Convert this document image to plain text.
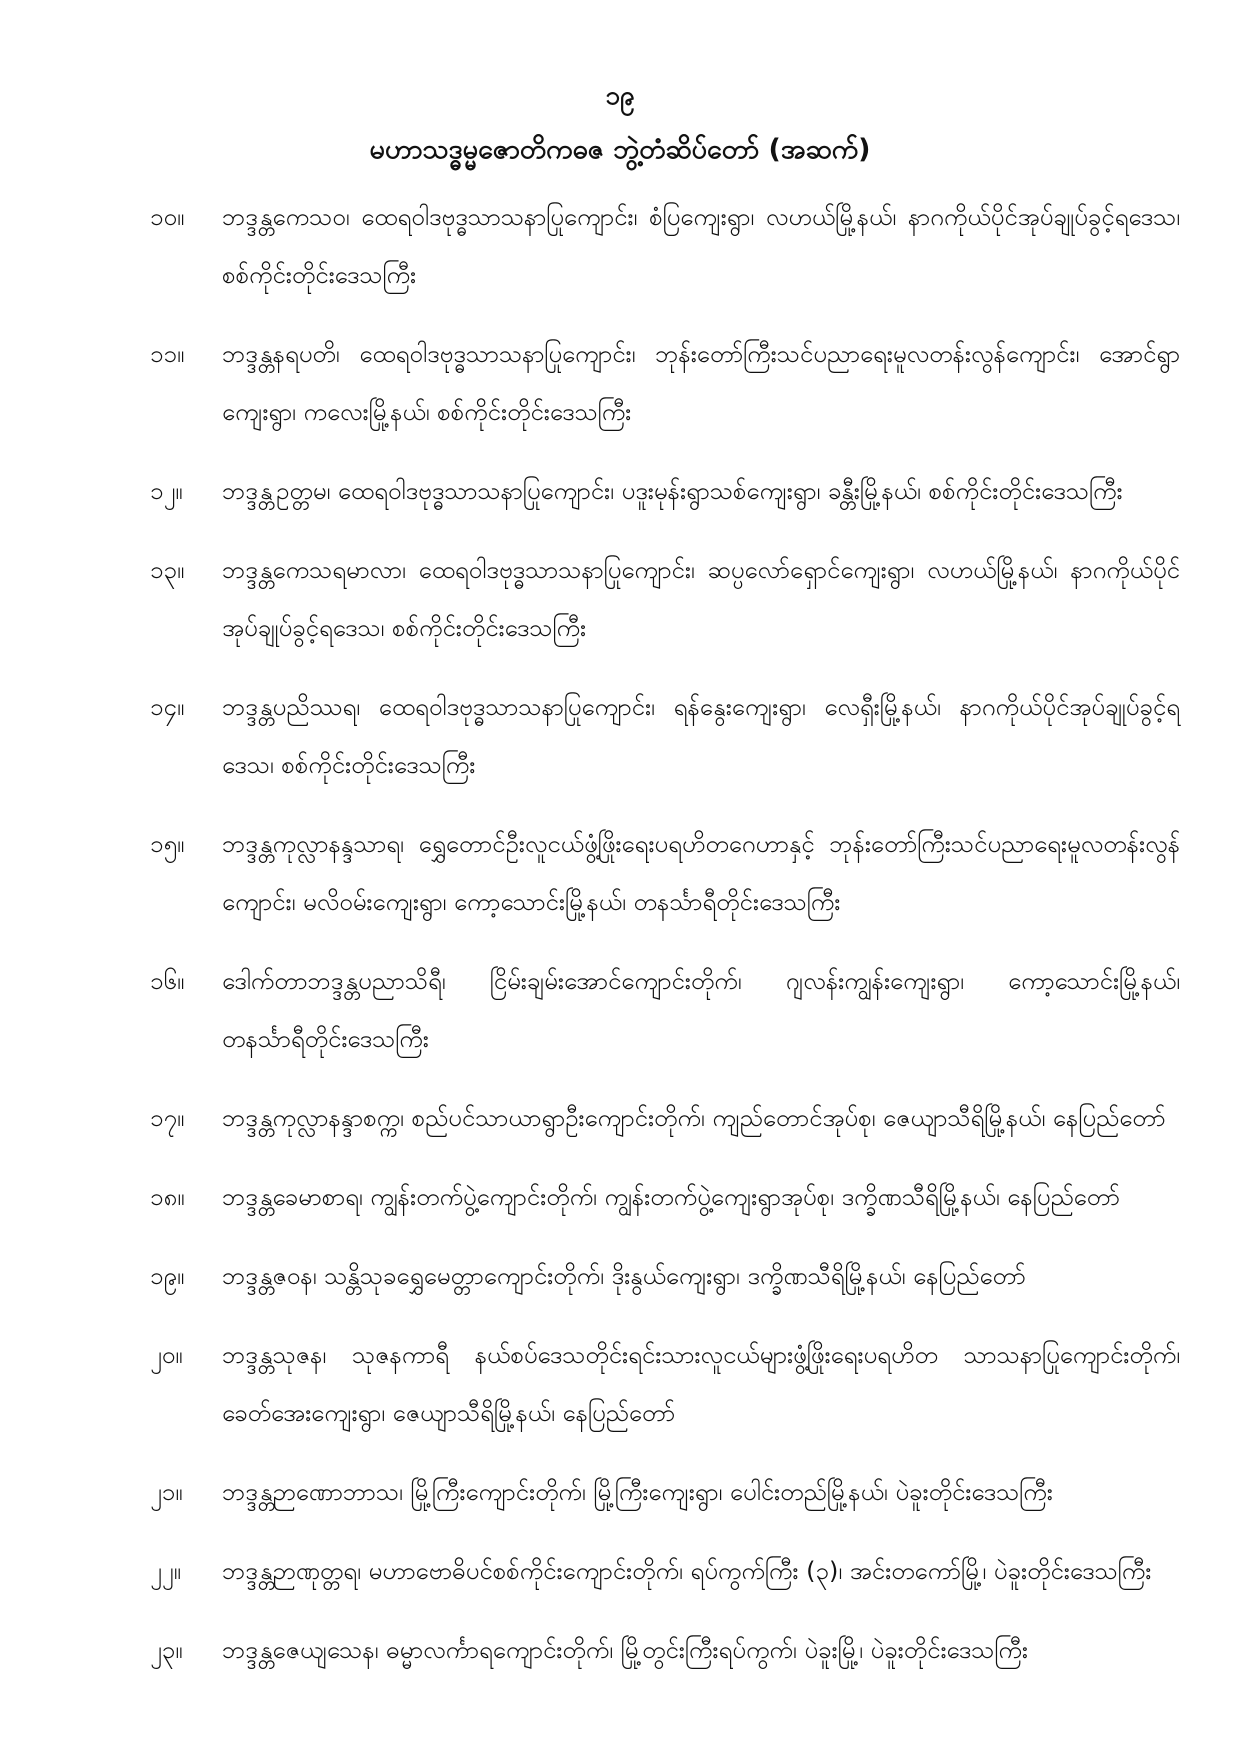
၁၉
မဟာသဒ္ဓမ္မဇောတိကဓဇ ဘွဲ့တံဆိပ်တော် (အဆက်)
၁၀။	ဘဒ္ဒန္တကေသဝ၊ ထေရဝါဒဗုဒ္ဓသာသနာပြုကျောင်း၊ စံပြကျေးရွာ၊ လဟယ်မြို့နယ်၊ နာဂကိုယ်ပိုင်အုပ်ချုပ်ခွင့်ရဒေသ၊ စစ်ကိုင်းတိုင်းဒေသကြီး
၁၁။	ဘဒ္ဒန္တနရပတိ၊ ထေရဝါဒဗုဒ္ဓသာသနာပြုကျောင်း၊ ဘုန်းတော်ကြီးသင်ပညာရေးမူလတန်းလွန်ကျောင်း၊ အောင်ရွာကျေးရွာ၊ ကလေးမြို့နယ်၊ စစ်ကိုင်းတိုင်းဒေသကြီး
၁၂။	ဘဒ္ဒန္တဥတ္တမ၊ ထေရဝါဒဗုဒ္ဓသာသနာပြုကျောင်း၊ ပဒူးမုန်းရွာသစ်ကျေးရွာ၊ ခန္တီးမြို့နယ်၊ စစ်ကိုင်းတိုင်းဒေသကြီး
၁၃။	ဘဒ္ဒန္တကေသရမာလာ၊ ထေရဝါဒဗုဒ္ဓသာသနာပြုကျောင်း၊ ဆပ္ပလော်ရှောင်ကျေးရွာ၊ လဟယ်မြို့နယ်၊ နာဂကိုယ်ပိုင်အုပ်ချုပ်ခွင့်ရဒေသ၊ စစ်ကိုင်းတိုင်းဒေသကြီး
၁၄။	ဘဒ္ဒန္တပညိဿရ၊ ထေရဝါဒဗုဒ္ဓသာသနာပြုကျောင်း၊ ရန်နွေးကျေးရွာ၊ လေရှီးမြို့နယ်၊ နာဂကိုယ်ပိုင်အုပ်ချုပ်ခွင့်ရဒေသ၊ စစ်ကိုင်းတိုင်းဒေသကြီး
၁၅။	ဘဒ္ဒန္တကုလ္လာနန္ဒသာရ၊ ရွှေတောင်ဦးလူငယ်ဖွံ့ဖြိုးရေးပရဟိတဂေဟာနှင့် ဘုန်းတော်ကြီးသင်ပညာရေးမူလတန်းလွန်ကျောင်း၊ မလိဝမ်းကျေးရွာ၊ ကော့သောင်းမြို့နယ်၊ တနင်္သာရီတိုင်းဒေသကြီး
၁၆။	ဒေါက်တာဘဒ္ဒန္တပညာသိရီ၊ ငြိမ်းချမ်းအောင်ကျောင်းတိုက်၊ ဂျလန်းကျွန်းကျေးရွာ၊ ကော့သောင်းမြို့နယ်၊ တနင်္သာရီတိုင်းဒေသကြီး
၁၇။	ဘဒ္ဒန္တကုလ္လာနန္ဒာစက္က၊ စည်ပင်သာယာရွာဦးကျောင်းတိုက်၊ ကျည်တောင်အုပ်စု၊ ဇေယျာသီရိမြို့နယ်၊ နေပြည်တော်
၁၈။	ဘဒ္ဒန္တခေမာစာရ၊ ကျွန်းတက်ပွဲ့ကျောင်းတိုက်၊ ကျွန်းတက်ပွဲ့ကျေးရွာအုပ်စု၊ ဒက္ခိဏသီရိမြို့နယ်၊ နေပြည်တော်
၁၉။	ဘဒ္ဒန္တဇဝန၊ သန္တိသုခရွှေမေတ္တာကျောင်းတိုက်၊ ဒိုးနွယ်ကျေးရွာ၊ ဒက္ခိဏသီရိမြို့နယ်၊ နေပြည်တော်
၂၀။	ဘဒ္ဒန္တသုဇန၊ သုဇနကာရီ နယ်စပ်ဒေသတိုင်းရင်းသားလူငယ်များဖွံ့ဖြိုးရေးပရဟိတ သာသနာပြုကျောင်းတိုက်၊ ခေတ်အေးကျေးရွာ၊ ဇေယျာသီရိမြို့နယ်၊ နေပြည်တော်
၂၁။	ဘဒ္ဒန္တဉာဏောဘာသ၊ မြို့ကြီးကျောင်းတိုက်၊ မြို့ကြီးကျေးရွာ၊ ပေါင်းတည်မြို့နယ်၊ ပဲခူးတိုင်းဒေသကြီး
၂၂။	ဘဒ္ဒန္တဉာဏုတ္တရ၊ မဟာဗောဓိပင်စစ်ကိုင်းကျောင်းတိုက်၊ ရပ်ကွက်ကြီး (၃)၊ အင်းတကော်မြို့၊ ပဲခူးတိုင်းဒေသကြီး
၂၃။	ဘဒ္ဒန္တဇေယျသေန၊ ဓမ္မာလင်္ကာရကျောင်းတိုက်၊ မြို့တွင်းကြီးရပ်ကွက်၊ ပဲခူးမြို့၊ ပဲခူးတိုင်းဒေသကြီး
